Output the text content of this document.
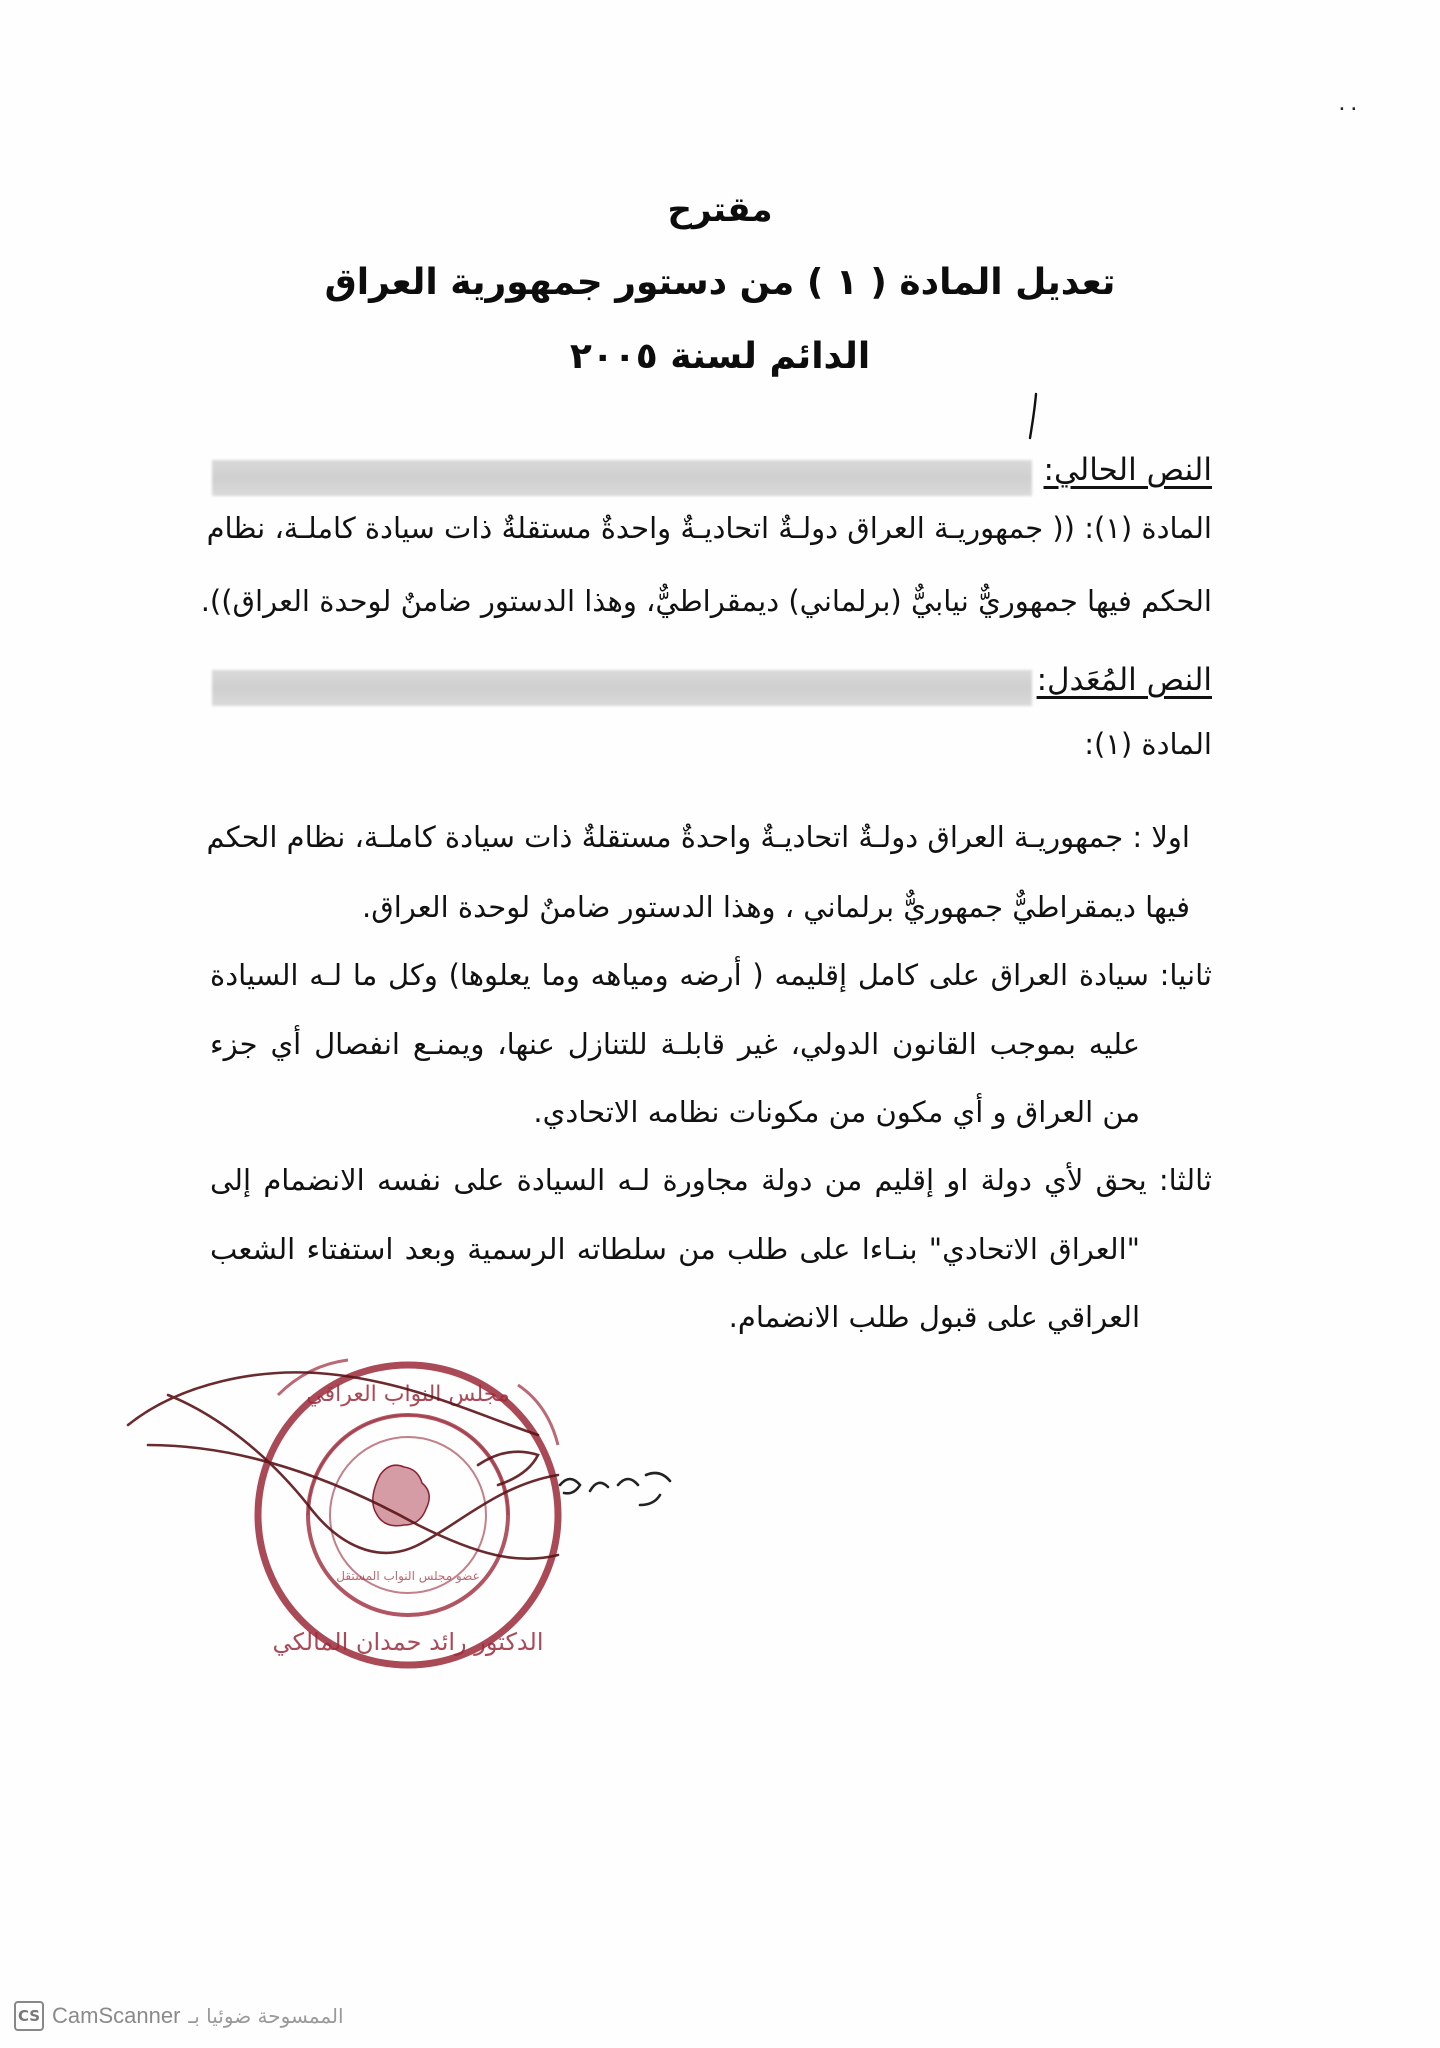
٠٠
مقترح
تعديل المادة ( ١ ) من دستور جمهورية العراق
الدائم لسنة ٢٠٠٥
النص الحالي:
المادة (١): (( جمهوريـة العراق دولـةٌ اتحاديـةٌ واحدةٌ مستقلةٌ ذات سيادة كاملـة، نظام
الحكم فيها جمهوريٌّ نيابيٌّ (برلماني) ديمقراطيٌّ، وهذا الدستور ضامنٌ لوحدة العراق)).
النص المُعَدل:
المادة (١):
اولا : جمهوريـة العراق دولـةٌ اتحاديـةٌ واحدةٌ مستقلةٌ ذات سيادة كاملـة، نظام الحكم
فيها ديمقراطيٌّ جمهوريٌّ برلماني ، وهذا الدستور ضامنٌ لوحدة العراق.
ثانيا: سيادة العراق على كامل إقليمه ( أرضه ومياهه وما يعلوها) وكل ما لـه السيادة
عليه بموجب القانون الدولي، غير قابلـة للتنازل عنها، ويمنـع انفصال أي جزء
من العراق و أي مكون من مكونات نظامه الاتحادي.
ثالثا: يحق لأي دولة او إقليم من دولة مجاورة لـه السيادة على نفسه الانضمام إلى
"العراق الاتحادي" بنـاءا على طلب من سلطاته الرسمية وبعد استفتاء الشعب
العراقي على قبول طلب الانضمام.
مجلس النواب العراقي
الدكتور رائد حمدان المالكي
عضو مجلس النواب المستقل
CS CamScanner الممسوحة ضوئيا بـ
